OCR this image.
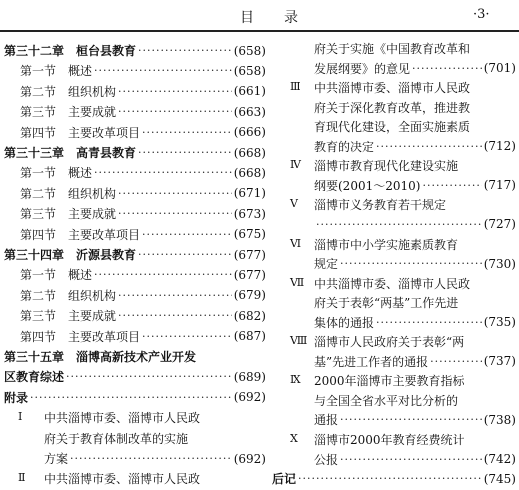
目录	·3·
第三十二章　桓台县教育 ·····	(658)
第一节　概述 ·····	(658)
第二节　组织机构 ·····	(661)
第三节　主要成就 ·····	(663)
第四节　主要改革项目 ·····	(666)
第三十三章　高青县教育 ·····	(668)
第一节　概述 ·····	(668)
第二节　组织机构 ·····	(671)
第三节　主要成就 ·····	(673)
第四节　主要改革项目 ·····	(675)
第三十四章　沂源县教育 ·····	(677)
第一节　概述 ·····	(677)
第二节　组织机构 ·····	(679)
第三节　主要成就 ·····	(682)
第四节　主要改革项目 ·····	(687)
第三十五章　淄博高新技术产业开发
区教育综述 ·····	(689)
附录 ·····	(692)
Ⅰ 中共淄博市委、淄博市人民政
府关于教育体制改革的实施
方案 ·····	(692)
Ⅱ 中共淄博市委、淄博市人民政
府关于实施《中国教育改革和
发展纲要》的意见 ·····	(701)
Ⅲ 中共淄博市委、淄博市人民政
府关于深化教育改革，推进教
育现代化建设，全面实施素质
教育的决定 ·····	(712)
Ⅳ 淄博市教育现代化建设实施
纲要(2001～2010) ·····	(717)
Ⅴ 淄博市义务教育若干规定
·····
(727)
Ⅵ 淄博市中小学实施素质教育
规定 ·····	(730)
Ⅶ 中共淄博市委、淄博市人民政
府关于表彰“两基”工作先进
集体的通报 ·····	(735)
Ⅷ 淄博市人民政府关于表彰“两
基”先进工作者的通报 ·····	(737)
Ⅸ 2000年淄博市主要教育指标
与全国全省水平对比分析的
通报 ·····	(738)
Ⅹ 淄博市2000年教育经费统计
公报 ·····	(742)
后记 ·····	(745)
